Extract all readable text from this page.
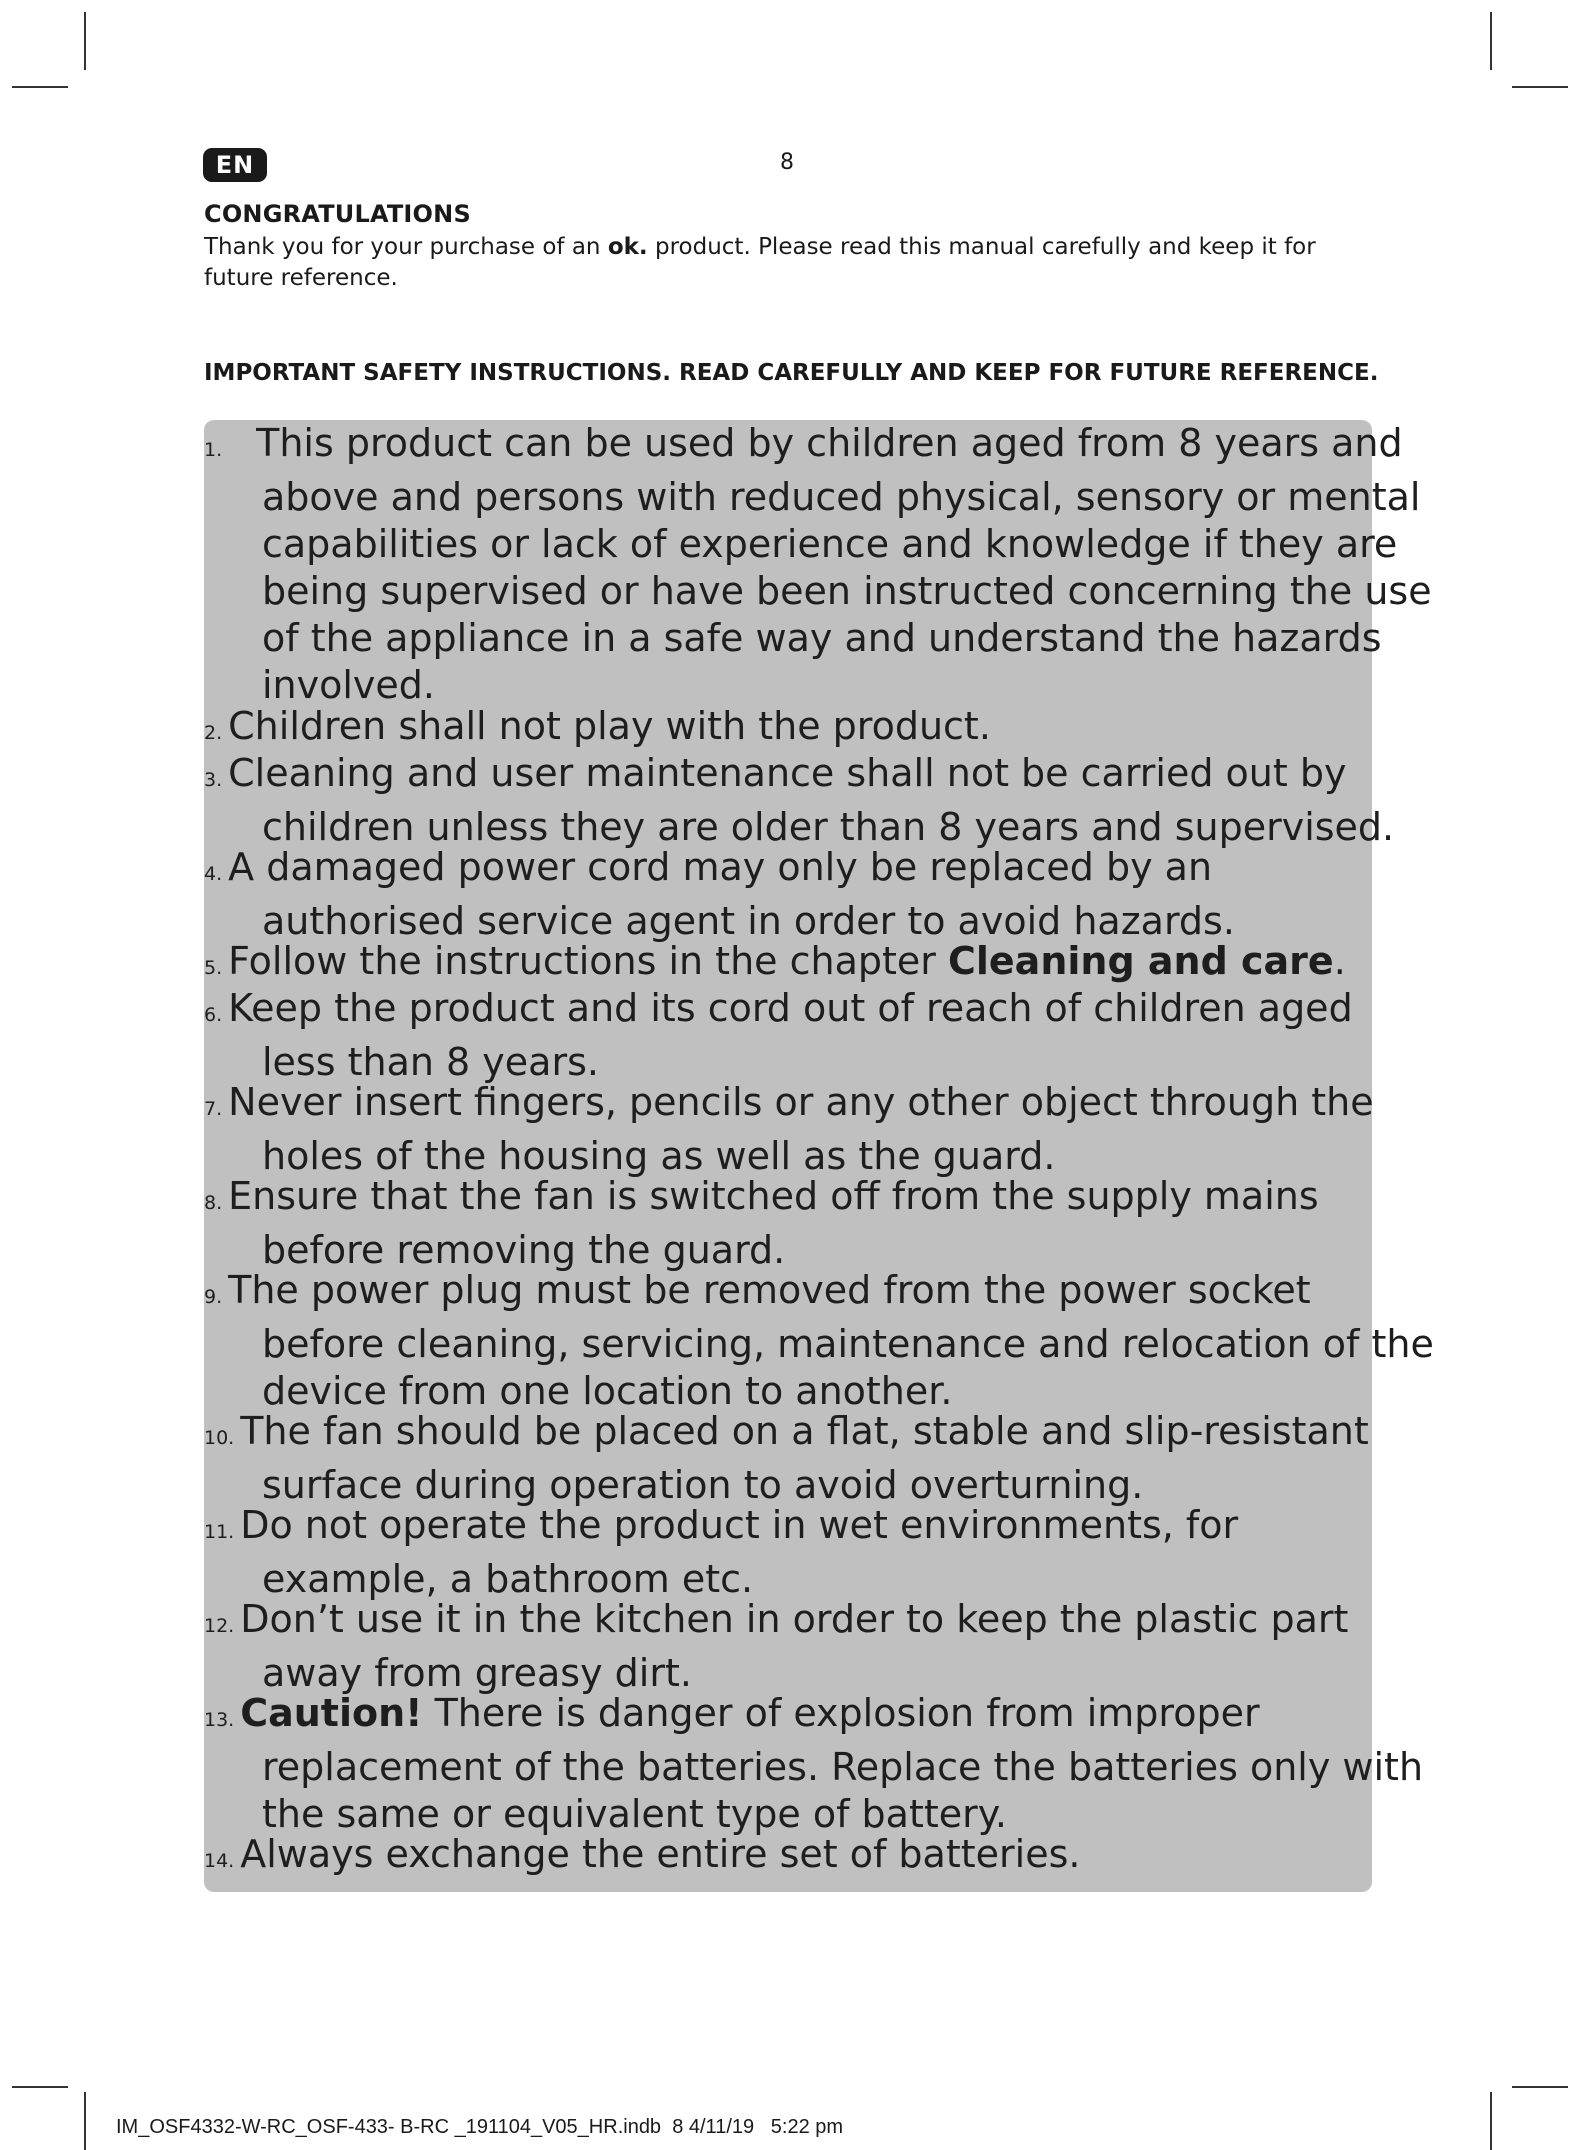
EN	8

CONGRATULATIONS

Thank you for your purchase of an ok. product. Please read this manual carefully and keep it for future reference.

IMPORTANT SAFETY INSTRUCTIONS. READ CAREFULLY AND KEEP FOR FUTURE REFERENCE.
1. This product can be used by children aged from 8 years and
above and persons with reduced physical, sensory or mental
capabilities or lack of experience and knowledge if they are
being supervised or have been instructed concerning the use
of the appliance in a safe way and understand the hazards
involved.
2. Children shall not play with the product.
3. Cleaning and user maintenance shall not be carried out by
children unless they are older than 8 years and supervised.
4. A damaged power cord may only be replaced by an
authorised service agent in order to avoid hazards.
5. Follow the instructions in the chapter Cleaning and care.
6. Keep the product and its cord out of reach of children aged
less than 8 years.
7. Never insert fingers, pencils or any other object through the
holes of the housing as well as the guard.
8. Ensure that the fan is switched off from the supply mains
before removing the guard.
9. The power plug must be removed from the power socket
before cleaning, servicing, maintenance and relocation of the
device from one location to another.
10. The fan should be placed on a flat, stable and slip-resistant
surface during operation to avoid overturning.
11. Do not operate the product in wet environments, for
example, a bathroom etc.
12. Don’t use it in the kitchen in order to keep the plastic part
away from greasy dirt.
13. Caution! There is danger of explosion from improper
replacement of the batteries. Replace the batteries only with
the same or equivalent type of battery.
14. Always exchange the entire set of batteries.
IM_OSF4332-W-RC_OSF-433- B-RC _191104_V05_HR.indb 8 4/11/19 5:22 pm
